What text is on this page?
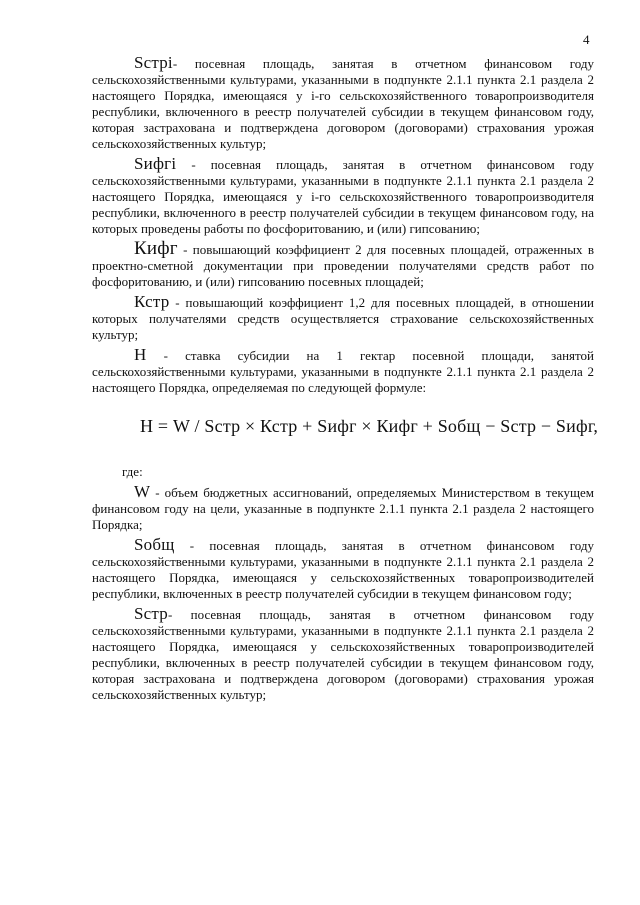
4

Sстрi- посевная площадь, занятая в отчетном финансовом году сельскохозяйственными культурами, указанными в подпункте 2.1.1 пункта 2.1 раздела 2 настоящего Порядка, имеющаяся у i-го сельскохозяйственного товаропроизводителя республики, включенного в реестр получателей субсидии в текущем финансовом году, которая застрахована и подтверждена договором (договорами) страхования урожая сельскохозяйственных культур;

Sифгi - посевная площадь, занятая в отчетном финансовом году сельскохозяйственными культурами, указанными в подпункте 2.1.1 пункта 2.1 раздела 2 настоящего Порядка, имеющаяся у i-го сельскохозяйственного товаропроизводителя республики, включенного в реестр получателей субсидии в текущем финансовом году, на которых проведены работы по фосфоритованию, и (или) гипсованию;

Кифг - повышающий коэффициент 2 для посевных площадей, отраженных в проектно-сметной документации при проведении получателями средств работ по фосфоритованию, и (или) гипсованию посевных площадей;

Кстр - повышающий коэффициент 1,2 для посевных площадей, в отношении которых получателями средств осуществляется страхование сельскохозяйственных культур;

Н - ставка субсидии на 1 гектар посевной площади, занятой сельскохозяйственными культурами, указанными в подпункте 2.1.1 пункта 2.1 раздела 2 настоящего Порядка, определяемая по следующей формуле:

Н = W / Sстр × Кстр + Sифг × Кифг + Sобщ − Sстр − Sифг,

где:

W - объем бюджетных ассигнований, определяемых Министерством в текущем финансовом году на цели, указанные в подпункте 2.1.1 пункта 2.1 раздела 2 настоящего Порядка;

Sобщ - посевная площадь, занятая в отчетном финансовом году сельскохозяйственными культурами, указанными в подпункте 2.1.1 пункта 2.1 раздела 2 настоящего Порядка, имеющаяся у сельскохозяйственных товаропроизводителей республики, включенных в реестр получателей субсидии в текущем финансовом году;

Sстр- посевная площадь, занятая в отчетном финансовом году сельскохозяйственными культурами, указанными в подпункте 2.1.1 пункта 2.1 раздела 2 настоящего Порядка, имеющаяся у сельскохозяйственных товаропроизводителей республики, включенных в реестр получателей субсидии в текущем финансовом году, которая застрахована и подтверждена договором (договорами) страхования урожая сельскохозяйственных культур;
